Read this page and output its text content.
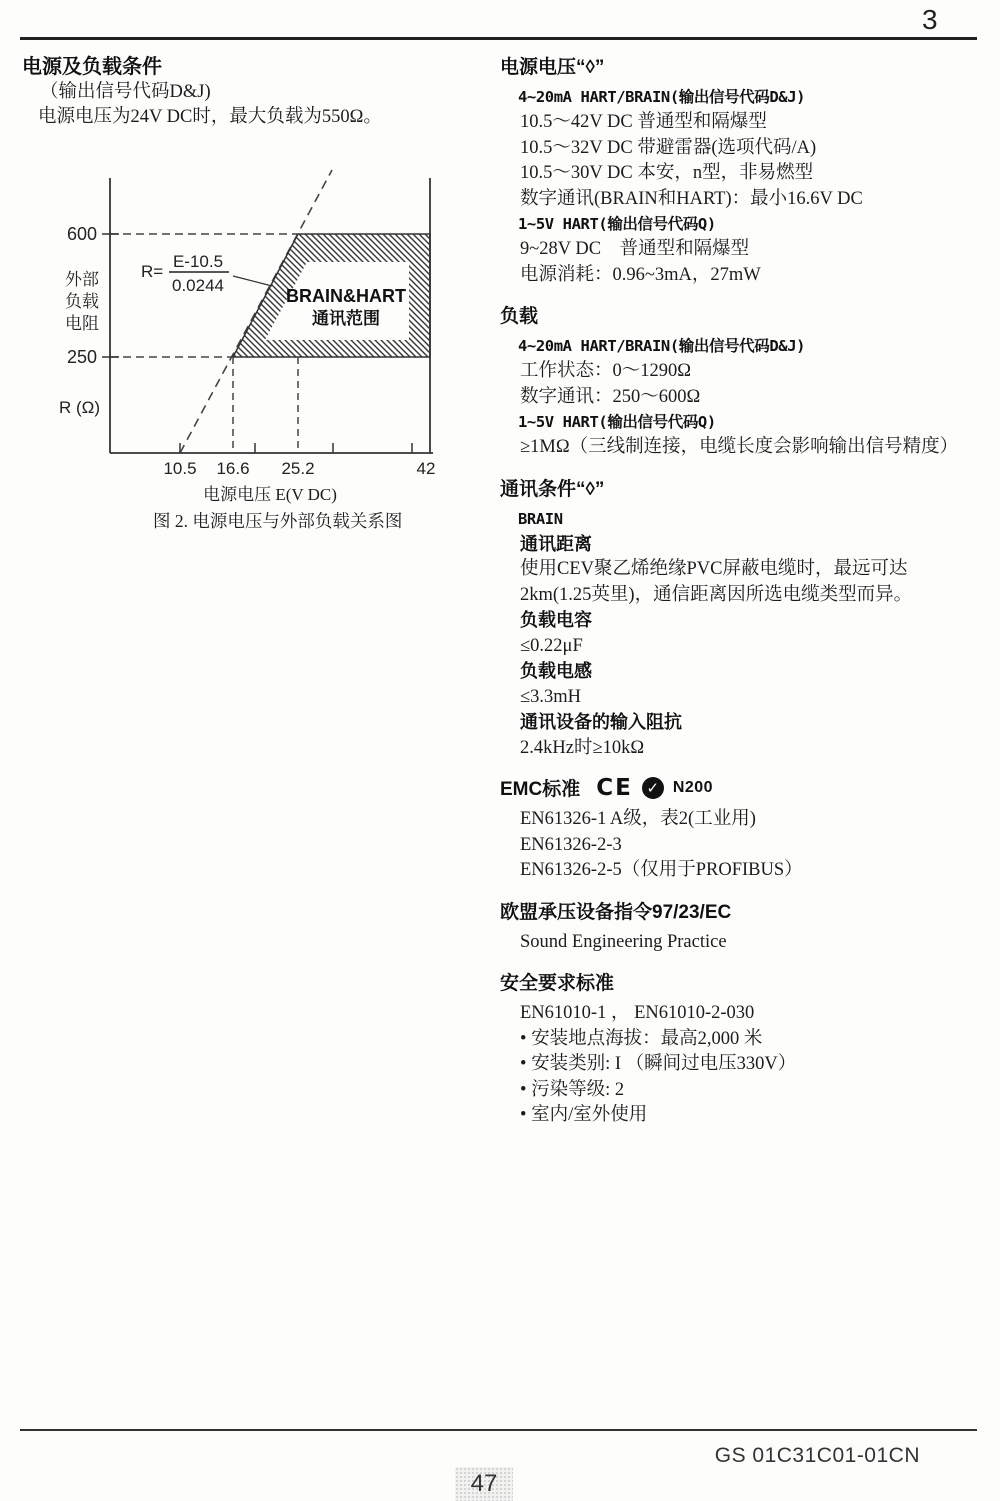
3
电源及负载条件
（输出信号代码D&J)
电源电压为24V DC时，最大负载为550Ω。
BRAIN&HART
通讯范围
600
250
外部
负载
电阻
R (Ω)
R=
E-10.5
0.0244
10.5 16.6 25.2	42
电源电压 E(V DC)
图 2. 电源电压与外部负载关系图
电源电压“◊”
4~20mA HART/BRAIN(输出信号代码D&J)
10.5～42V DC 普通型和隔爆型
10.5～32V DC 带避雷器(选项代码/A)
10.5～30V DC 本安，n型，非易燃型
数字通讯(BRAIN和HART)：最小16.6V DC
1~5V HART(输出信号代码Q)
9~28V DC　普通型和隔爆型
电源消耗：0.96~3mA，27mW
负载
4~20mA HART/BRAIN(输出信号代码D&J)
工作状态：0～1290Ω
数字通讯：250～600Ω
1~5V HART(输出信号代码Q)
≥1MΩ（三线制连接，电缆长度会影响输出信号精度）
通讯条件“◊”
BRAIN
通讯距离
使用CEV聚乙烯绝缘PVC屏蔽电缆时，最远可达
2km(1.25英里)，通信距离因所选电缆类型而异。
负载电容
≤0.22μF
负载电感
≤3.3mH
通讯设备的输入阻抗
2.4kHz时≥10kΩ
EMC标准 CE ✓ N200
EN61326-1 A级，表2(工业用)
EN61326-2-3
EN61326-2-5（仅用于PROFIBUS）
欧盟承压设备指令97/23/EC
Sound Engineering Practice
安全要求标准
EN61010-1 ， EN61010-2-030
• 安装地点海拔：最高2,000 米
• 安装类别: I （瞬间过电压330V）
• 污染等级: 2
• 室内/室外使用
GS 01C31C01-01CN
47
